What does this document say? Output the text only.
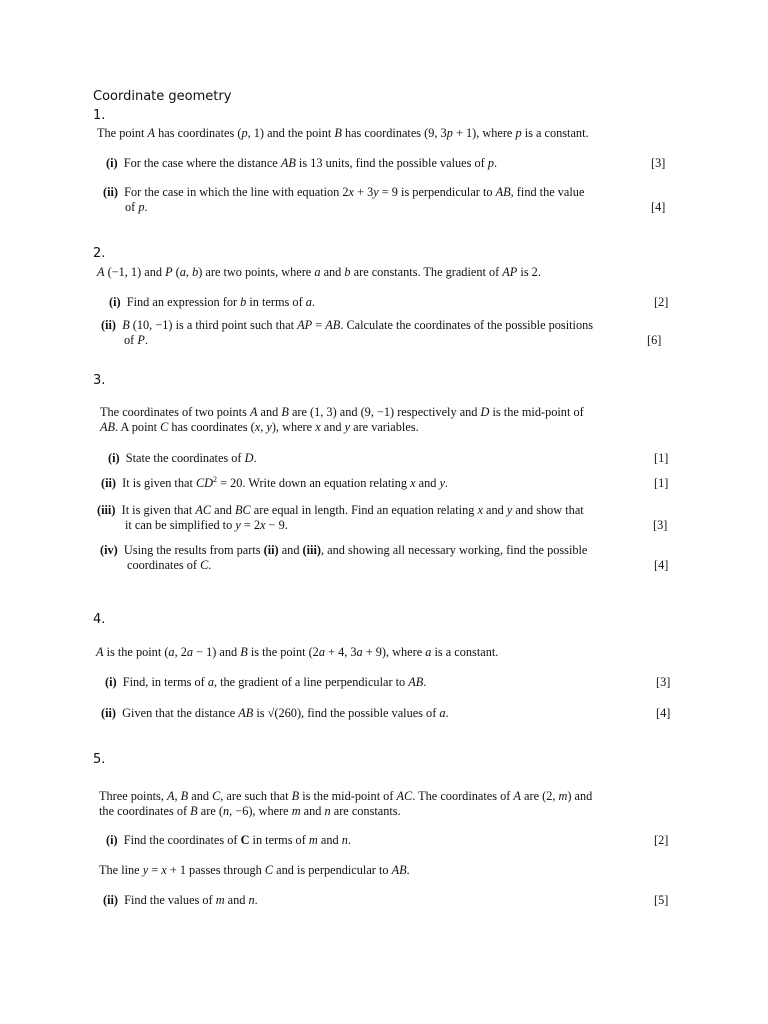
Coordinate geometry
1.
The point A has coordinates (p, 1) and the point B has coordinates (9, 3p + 1), where p is a constant.
(i)  For the case where the distance AB is 13 units, find the possible values of p.	[3]
(ii)  For the case in which the line with equation 2x + 3y = 9 is perpendicular to AB, find the value
of p.	[4]
2.
A (−1, 1) and P (a, b) are two points, where a and b are constants. The gradient of AP is 2.
(i)  Find an expression for b in terms of a.	[2]
(ii) B (10, −1) is a third point such that AP = AB. Calculate the coordinates of the possible positions
of P.	[6]
3.
The coordinates of two points A and B are (1, 3) and (9, −1) respectively and D is the mid-point of
AB. A point C has coordinates (x, y), where x and y are variables.
(i)  State the coordinates of D.	[1]
(ii)  It is given that $CD^2 = 20$. Write down an equation relating x and y.	[1]
(iii)  It is given that AC and BC are equal in length. Find an equation relating x and y and show that
it can be simplified to y = 2x − 9.	[3]
(iv)  Using the results from parts (ii) and (iii), and showing all necessary working, find the possible
coordinates of C.	[4]
4.
A is the point (a, 2a − 1) and B is the point (2a + 4, 3a + 9), where a is a constant.
(i)  Find, in terms of a, the gradient of a line perpendicular to AB.	[3]
(ii)  Given that the distance AB is √(260), find the possible values of a.	[4]
5.
Three points, A, B and C, are such that B is the mid-point of AC. The coordinates of A are (2, m) and
the coordinates of B are (n, −6), where m and n are constants.
(i)  Find the coordinates of C in terms of m and n.	[2]
The line y = x + 1 passes through C and is perpendicular to AB.
(ii)  Find the values of m and n.	[5]
